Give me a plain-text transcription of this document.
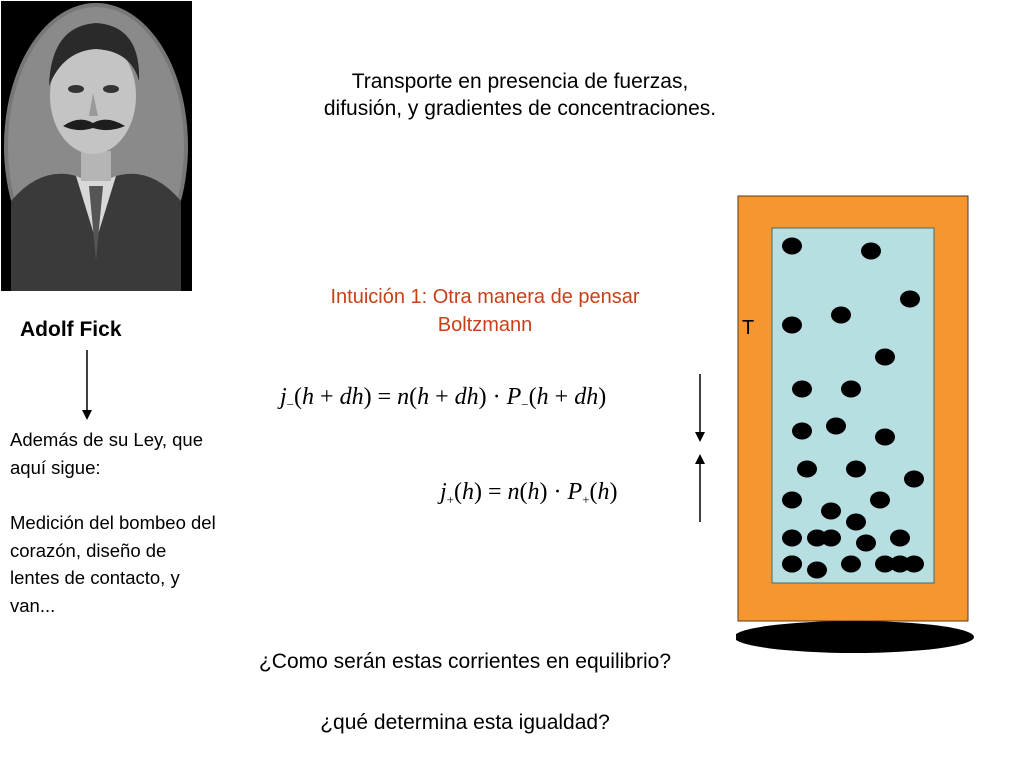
Transporte en presencia de fuerzas,
difusión, y gradientes de concentraciones.
Adolf Fick

Además de su Ley, que

aquí sigue:

Medición del bombeo del

corazón, diseño de

lentes de contacto, y

van...

Intuición 1: Otra manera de pensar
Boltzmann
$j_-(h + dh) = n(h + dh) \cdot P_-(h + dh)$
$j_+(h) = n(h) \cdot P_+(h)$
T
¿Como serán estas corrientes en equilibrio?
¿qué determina esta igualdad?
